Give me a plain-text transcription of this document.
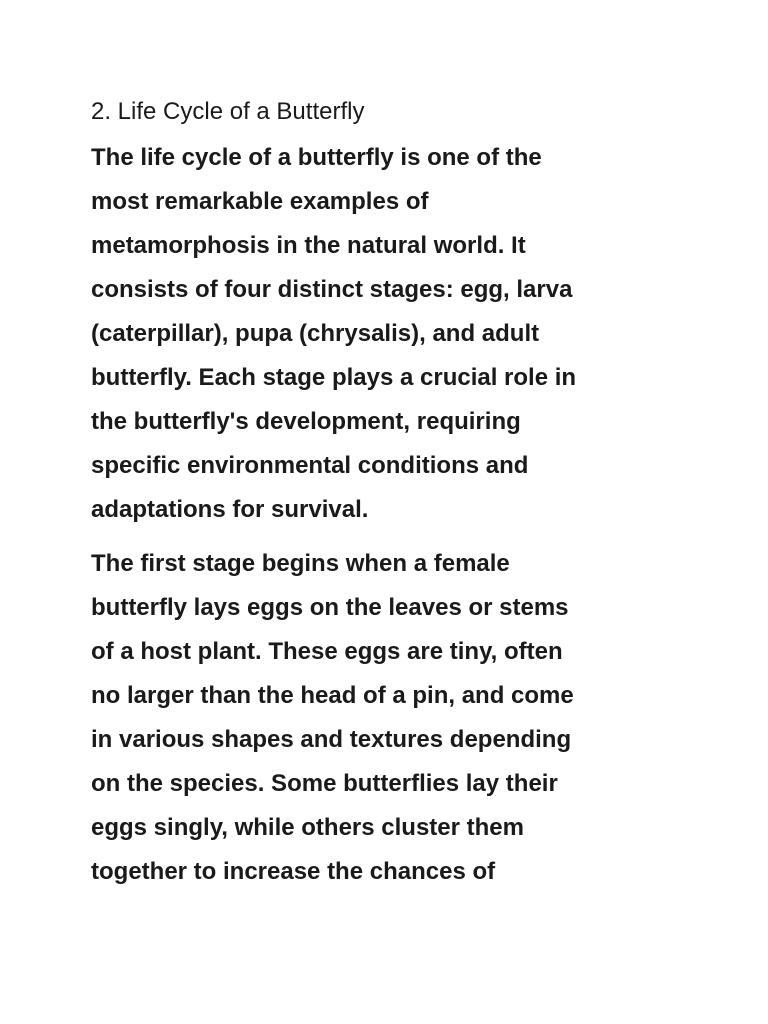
2. Life Cycle of a Butterfly
The life cycle of a butterfly is one of the
most remarkable examples of
metamorphosis in the natural world. It
consists of four distinct stages: egg, larva
(caterpillar), pupa (chrysalis), and adult
butterfly. Each stage plays a crucial role in
the butterfly's development, requiring
specific environmental conditions and
adaptations for survival.
The first stage begins when a female
butterfly lays eggs on the leaves or stems
of a host plant. These eggs are tiny, often
no larger than the head of a pin, and come
in various shapes and textures depending
on the species. Some butterflies lay their
eggs singly, while others cluster them
together to increase the chances of
